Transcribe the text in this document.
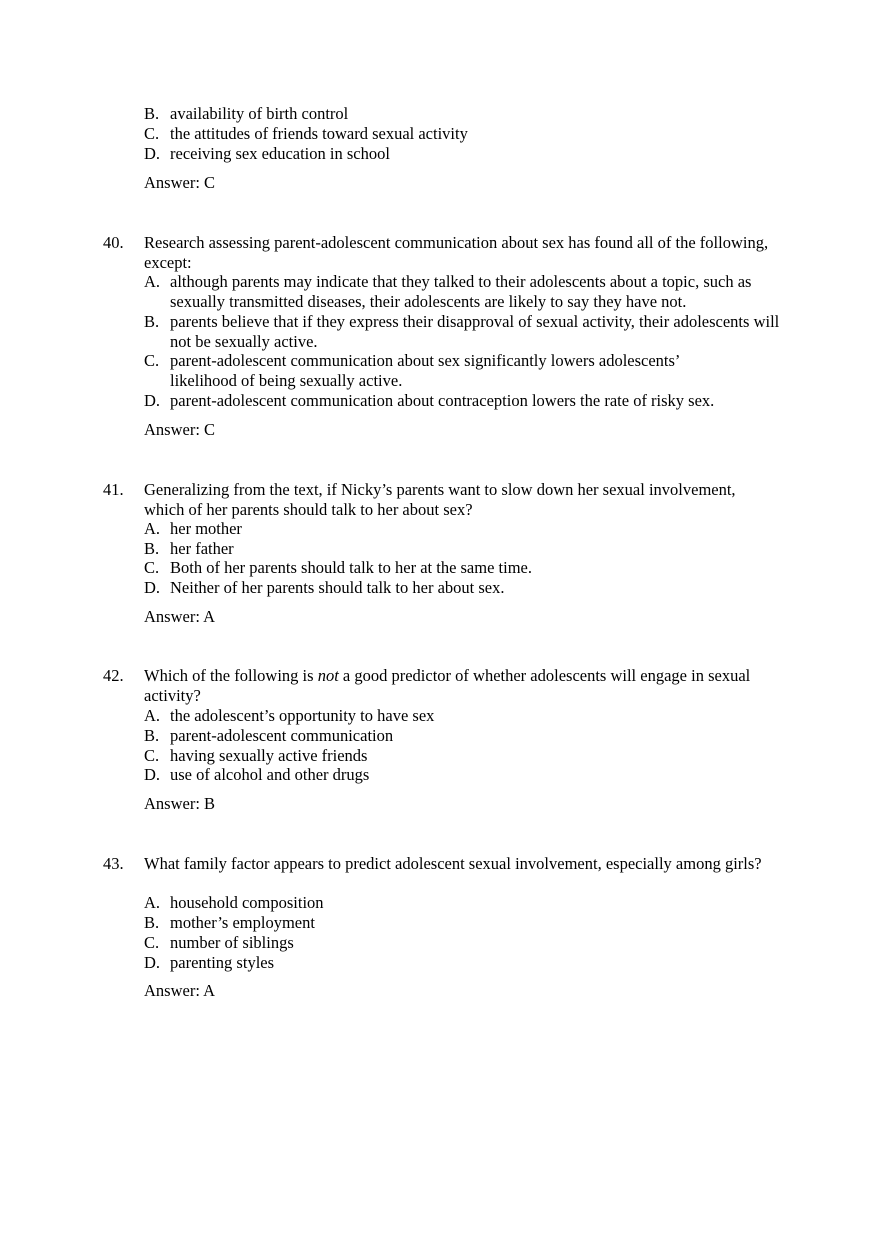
B. availability of birth control
C. the attitudes of friends toward sexual activity
D. receiving sex education in school
Answer: C
40. Research assessing parent-adolescent communication about sex has found all of the following, except:
A. although parents may indicate that they talked to their adolescents about a topic, such as sexually transmitted diseases, their adolescents are likely to say they have not.
B. parents believe that if they express their disapproval of sexual activity, their adolescents will not be sexually active.
C. parent-adolescent communication about sex significantly lowers adolescents’ likelihood of being sexually active.
D. parent-adolescent communication about contraception lowers the rate of risky sex.
Answer: C
41. Generalizing from the text, if Nicky’s parents want to slow down her sexual involvement, which of her parents should talk to her about sex?
A. her mother
B. her father
C. Both of her parents should talk to her at the same time.
D. Neither of her parents should talk to her about sex.
Answer: A
42. Which of the following is not a good predictor of whether adolescents will engage in sexual activity?
A. the adolescent’s opportunity to have sex
B. parent-adolescent communication
C. having sexually active friends
D. use of alcohol and other drugs
Answer: B
43. What family factor appears to predict adolescent sexual involvement, especially among girls?
A. household composition
B. mother’s employment
C. number of siblings
D. parenting styles
Answer: A
